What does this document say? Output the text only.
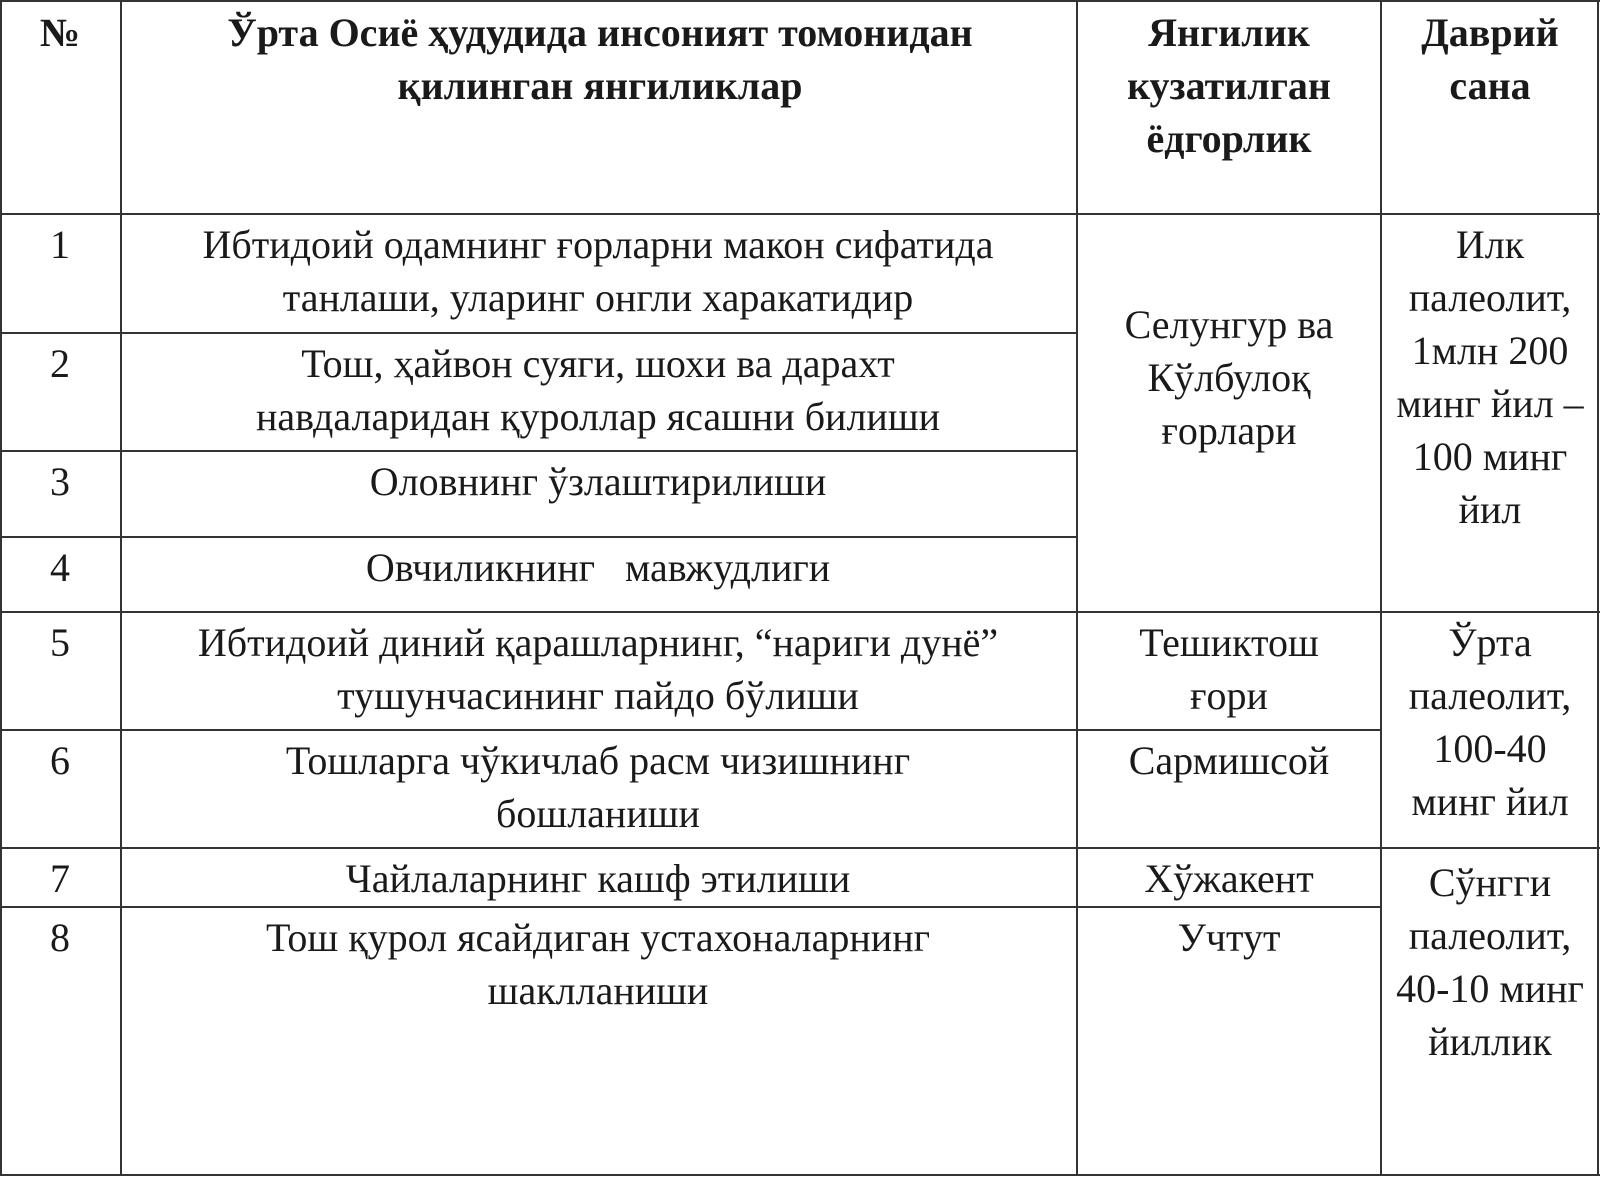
№	Ўрта Осиё ҳудудида инсоният томонидан қилинган янгиликлар
Янгилик кузатилган ёдгорлик
Даврий сана
1
2
3
4
5
6
7
8
Ибтидоий одамнинг ғорларни макон сифатида танлаши, уларинг онгли харакатидир
Тош, ҳайвон суяги, шохи ва дарахт навдаларидан қуроллар ясашни билиши
Оловнинг ўзлаштирилиши
Овчиликнинг   мавжудлиги
Ибтидоий диний қарашларнинг, “нариги дунё” тушунчасининг пайдо бўлиши
Тошларга чўкичлаб расм чизишнинг бошланиши
Чайлаларнинг кашф этилиши
Тош қурол ясайдиган устахоналарнинг шаклланиши
Селунгур ва Кўлбулоқ ғорлари
Тешиктош ғори
Сармишсой
Хўжакент
Учтут
Илк палеолит, 1млн 200 минг йил – 100 минг йил
Ўрта палеолит, 100-40 минг йил
Сўнгги палеолит, 40-10 минг йиллик
